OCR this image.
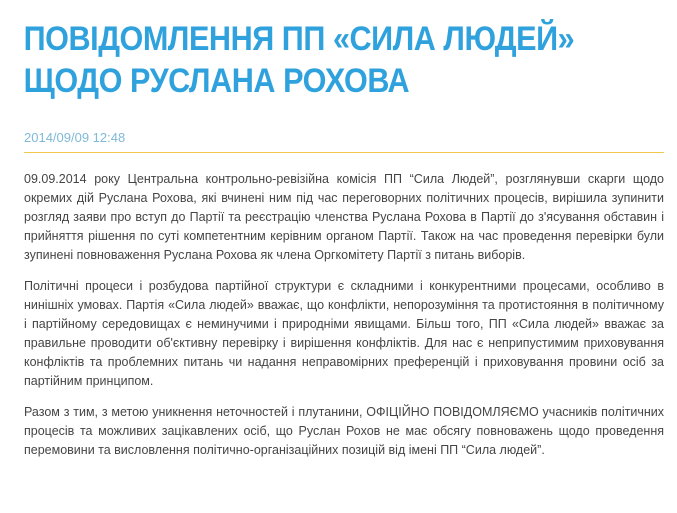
ПОВІДОМЛЕННЯ ПП «СИЛА ЛЮДЕЙ»
ЩОДО РУСЛАНА РОХОВА
2014/09/09 12:48

09.09.2014 року Центральна контрольно-ревізійна комісія ПП “Сила Людей”, розглянувши скарги щодо окремих дій Руслана Рохова, які вчинені ним під час переговорних політичних процесів, вирішила зупинити розгляд заяви про вступ до Партії та реєстрацію членства Руслана Рохова в Партії до з'ясування обставин і прийняття рішення по суті компетентним керівним органом Партії. Також на час проведення перевірки були зупинені повноваження Руслана Рохова як члена Оргкомітету Партії з питань виборів.

Політичні процеси і розбудова партійної структури є складними і конкурентними процесами, особливо в нинішніх умовах. Партія «Сила людей» вважає, що конфлікти, непорозуміння та протистояння в політичному і партійному середовищах є неминучими і природніми явищами. Більш того, ПП «Сила людей» вважає за правильне проводити об'єктивну перевірку і вирішення конфліктів. Для нас є неприпустимим приховування конфліктів та проблемних питань чи надання неправомірних преференцій і приховування провини осіб за партійним принципом.

Разом з тим, з метою уникнення неточностей і плутанини, ОФІЦІЙНО ПОВІДОМЛЯЄМО учасників політичних процесів та можливих зацікавлених осіб, що Руслан Рохов не має обсягу повноважень щодо проведення перемовини та висловлення політично-організаційних позицій від імені ПП “Сила людей”.
